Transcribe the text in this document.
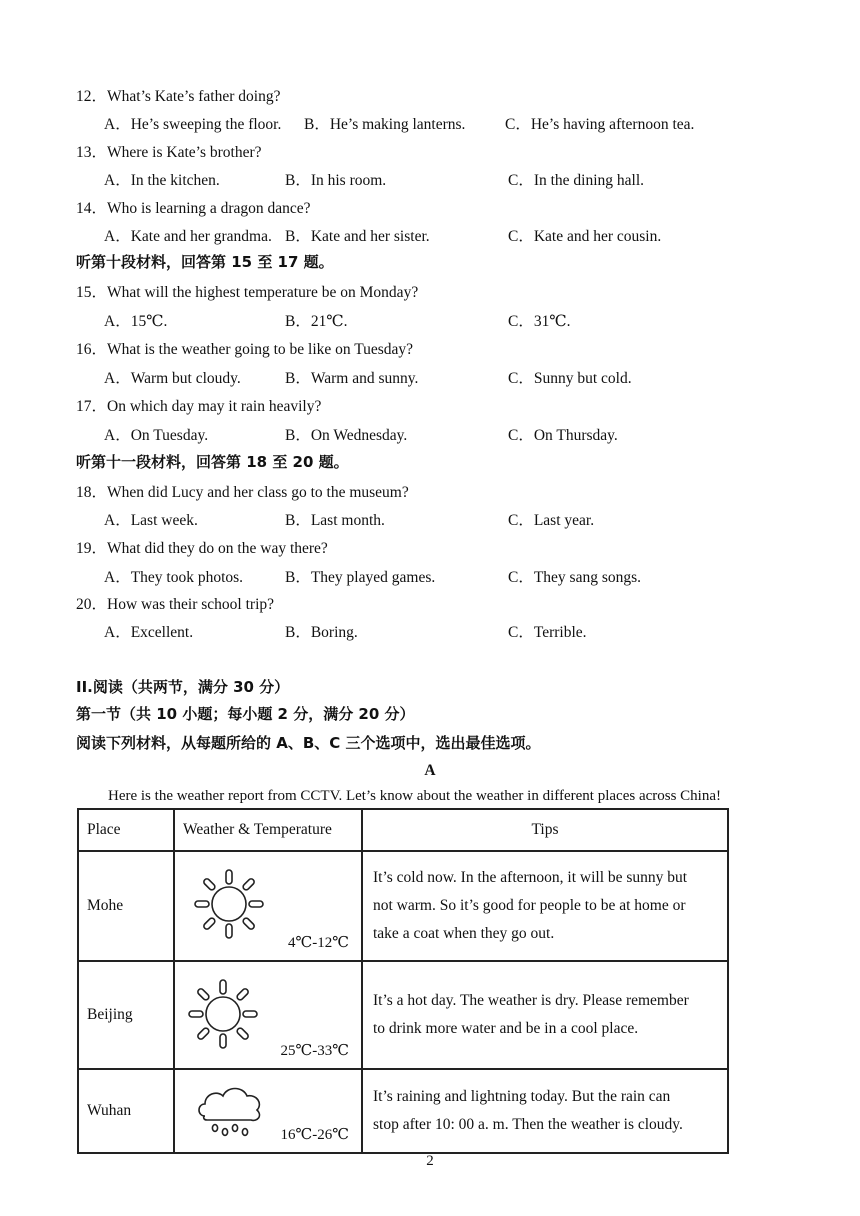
12．What’s Kate’s father doing?
A．He’s sweeping the floor. B．He’s making lanterns.	C．He’s having afternoon tea.
13．Where is Kate’s brother?
A．In the kitchen.	B．In his room.	C．In the dining hall.
14．Who is learning a dragon dance?
A．Kate and her grandma. B．Kate and her sister.	C．Kate and her cousin.
听第十段材料，回答第 15 至 17 题。
15．What will the highest temperature be on Monday?
A．15℃.	B．21℃.	C．31℃.
16．What is the weather going to be like on Tuesday?
A．Warm but cloudy.	B．Warm and sunny.	C．Sunny but cold.
17．On which day may it rain heavily?
A．On Tuesday.	B．On Wednesday.	C．On Thursday.
听第十一段材料，回答第 18 至 20 题。
18．When did Lucy and her class go to the museum?
A．Last week.	B．Last month.	C．Last year.
19．What did they do on the way there?
A．They took photos.	B．They played games.	C．They sang songs.
20．How was their school trip?
A．Excellent.	B．Boring.	C．Terrible.
II.阅读（共两节，满分 30 分）
第一节（共 10 小题；每小题 2 分，满分 20 分）
阅读下列材料，从每题所给的 A、B、C 三个选项中，选出最佳选项。
A
Here is the weather report from CCTV. Let’s know about the weather in different places across China!
Place	Weather & Temperature	Tips
Mohe	4℃-12℃	It’s cold now. In the afternoon, it will be sunny but
not warm. So it’s good for people to be at home or
take a coat when they go out.

Beijing	25℃-33℃	It’s a hot day. The weather is dry. Please remember
to drink more water and be in a cool place.

Wuhan	16℃-26℃	It’s raining and lightning today. But the rain can
stop after 10: 00 a. m. Then the weather is cloudy.
2
